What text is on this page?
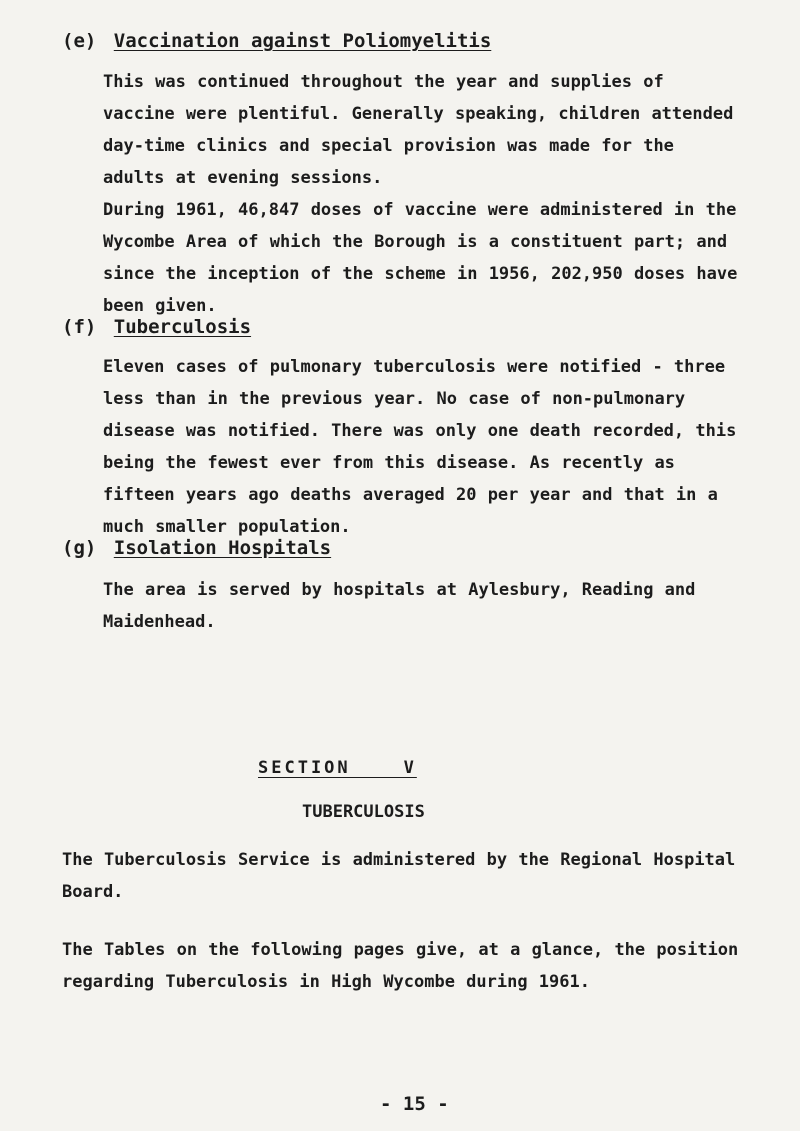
(e) Vaccination against Poliomyelitis

This was continued throughout the year and supplies of vaccine were plentiful. Generally speaking, children attended day-time clinics and special provision was made for the adults at evening sessions.

During 1961, 46,847 doses of vaccine were administered in the Wycombe Area of which the Borough is a constituent part; and since the inception of the scheme in 1956, 202,950 doses have been given.

(f) Tuberculosis

Eleven cases of pulmonary tuberculosis were notified - three less than in the previous year. No case of non-pulmonary disease was notified. There was only one death recorded, this being the fewest ever from this disease. As recently as fifteen years ago deaths averaged 20 per year and that in a much smaller population.

(g) Isolation Hospitals

The area is served by hospitals at Aylesbury, Reading and Maidenhead.

SECTION    V
TUBERCULOSIS

The Tuberculosis Service is administered by the Regional Hospital Board.

The Tables on the following pages give, at a glance, the position regarding Tuberculosis in High Wycombe during 1961.

- 15 -
